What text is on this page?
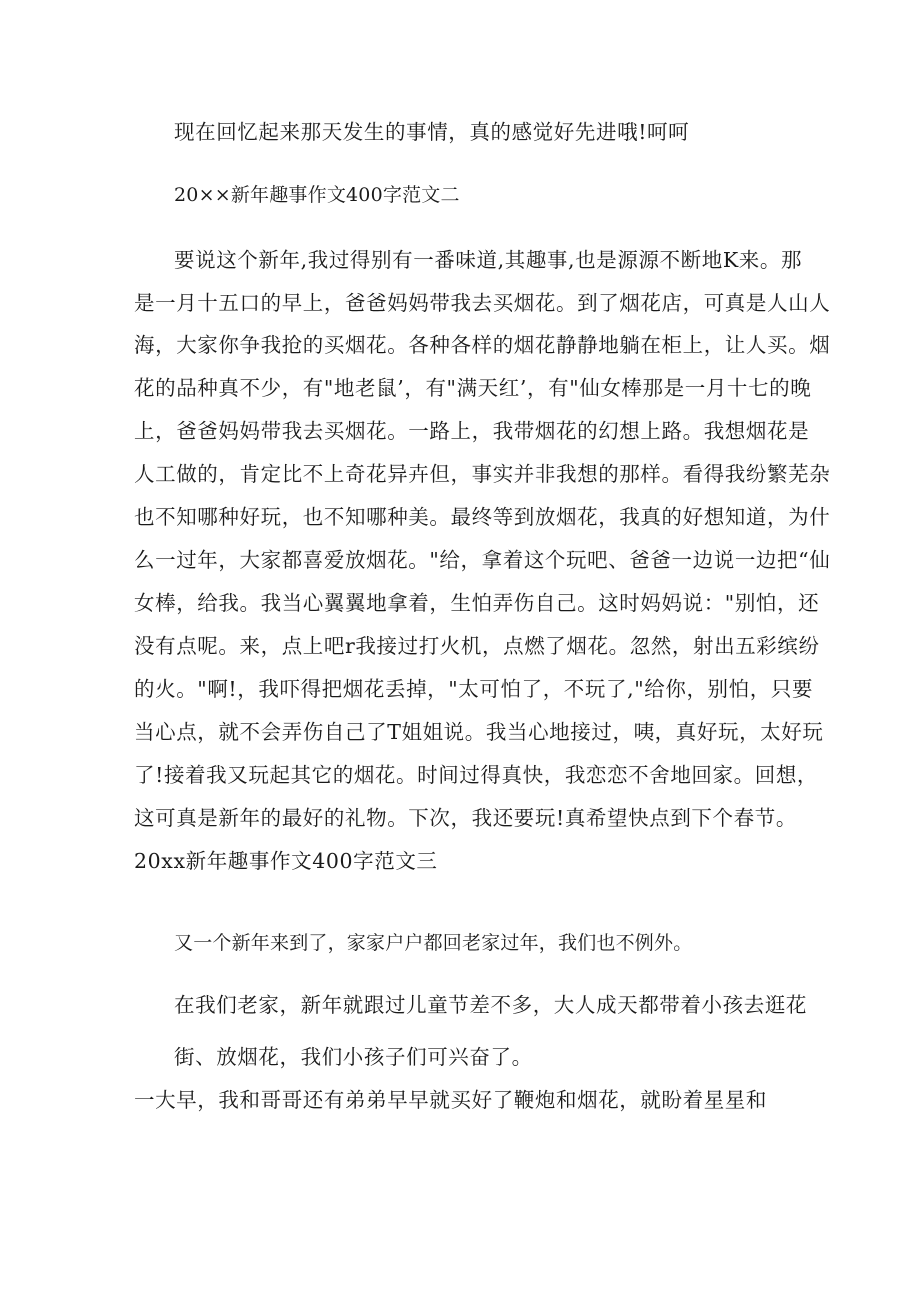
现在回忆起来那天发生的事情，真的感觉好先进哦!呵呵
20××新年趣事作文400字范文二
要说这个新年,我过得别有一番味道,其趣事,也是源源不断地K来。那
是一月十五口的早上，爸爸妈妈带我去买烟花。到了烟花店，可真是人山人
海，大家你争我抢的买烟花。各种各样的烟花静静地躺在柜上，让人买。烟
花的品种真不少，有"地老鼠’，有"满天红’，有"仙女棒那是一月十七的晚
上，爸爸妈妈带我去买烟花。一路上，我带烟花的幻想上路。我想烟花是
人工做的，肯定比不上奇花异卉但，事实并非我想的那样。看得我纷繁芜杂
也不知哪种好玩，也不知哪种美。最终等到放烟花，我真的好想知道，为什
么一过年，大家都喜爱放烟花。"给，拿着这个玩吧、爸爸一边说一边把“仙
女棒，给我。我当心翼翼地拿着，生怕弄伤自己。这时妈妈说："别怕，还
没有点呢。来，点上吧r我接过打火机，点燃了烟花。忽然，射出五彩缤纷
的火。"啊!，我吓得把烟花丢掉，"太可怕了，不玩了,"给你，别怕，只要
当心点，就不会弄伤自己了T姐姐说。我当心地接过，咦，真好玩，太好玩
了!接着我又玩起其它的烟花。时间过得真快，我恋恋不舍地回家。回想，
这可真是新年的最好的礼物。下次，我还要玩!真希望快点到下个春节。
20xx新年趣事作文400字范文三
又一个新年来到了，家家户户都回老家过年，我们也不例外。
在我们老家，新年就跟过儿童节差不多，大人成天都带着小孩去逛花
街、放烟花，我们小孩子们可兴奋了。
一大早，我和哥哥还有弟弟早早就买好了鞭炮和烟花，就盼着星星和
